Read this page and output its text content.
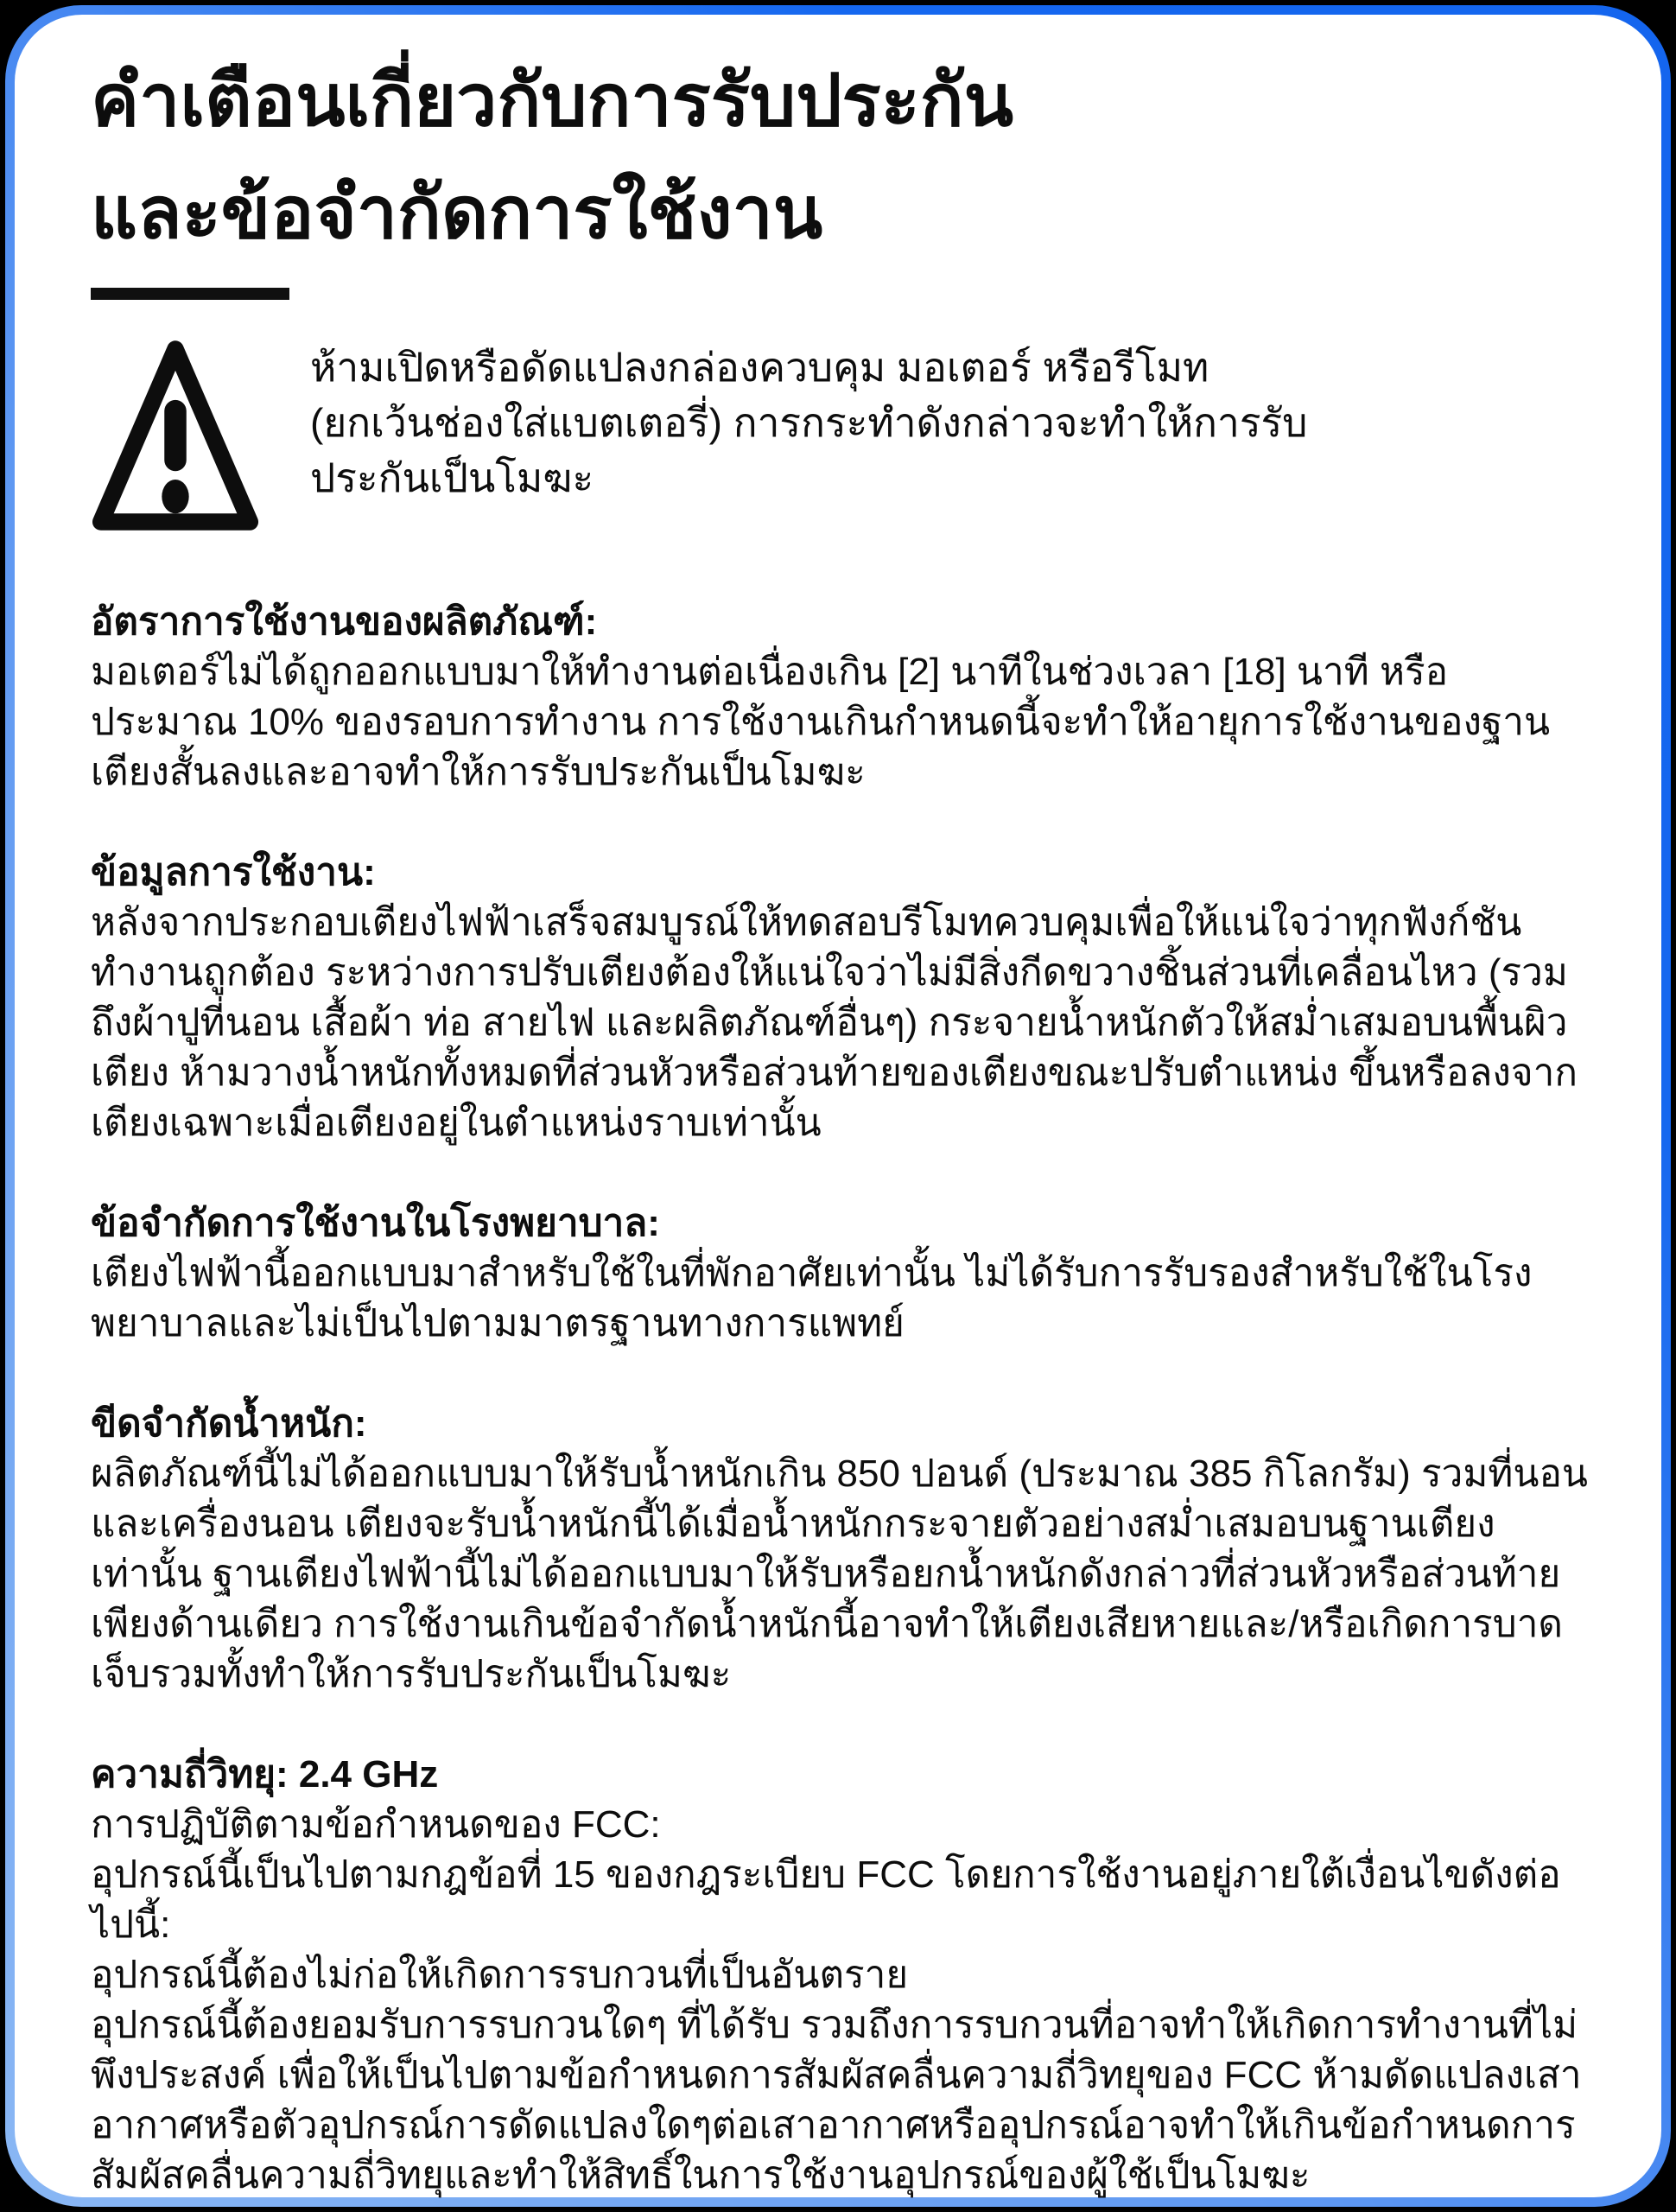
คำเตือนเกี่ยวกับการรับประกัน
และข้อจำกัดการใช้งาน
ห้ามเปิดหรือดัดแปลงกล่องควบคุม มอเตอร์ หรือรีโมท (ยกเว้นช่องใส่แบตเตอรี่) การกระทำดังกล่าวจะทำให้การรับประกันเป็นโมฆะ
อัตราการใช้งานของผลิตภัณฑ์:

มอเตอร์ไม่ได้ถูกออกแบบมาให้ทำงานต่อเนื่องเกิน [2] นาทีในช่วงเวลา [18] นาที หรือประมาณ 10% ของรอบการทำงาน การใช้งานเกินกำหนดนี้จะทำให้อายุการใช้งานของฐานเตียงสั้นลงและอาจทำให้การรับประกันเป็นโมฆะ

ข้อมูลการใช้งาน:

หลังจากประกอบเตียงไฟฟ้าเสร็จสมบูรณ์ให้ทดสอบรีโมทควบคุมเพื่อให้แน่ใจว่าทุกฟังก์ชันทำงานถูกต้อง ระหว่างการปรับเตียงต้องให้แน่ใจว่าไม่มีสิ่งกีดขวางชิ้นส่วนที่เคลื่อนไหว (รวมถึงผ้าปูที่นอน เสื้อผ้า ท่อ สายไฟ และผลิตภัณฑ์อื่นๆ) กระจายน้ำหนักตัวให้สม่ำเสมอบนพื้นผิวเตียง ห้ามวางน้ำหนักทั้งหมดที่ส่วนหัวหรือส่วนท้ายของเตียงขณะปรับตำแหน่ง ขึ้นหรือลงจากเตียงเฉพาะเมื่อเตียงอยู่ในตำแหน่งราบเท่านั้น

ข้อจำกัดการใช้งานในโรงพยาบาล:

เตียงไฟฟ้านี้ออกแบบมาสำหรับใช้ในที่พักอาศัยเท่านั้น ไม่ได้รับการรับรองสำหรับใช้ในโรงพยาบาลและไม่เป็นไปตามมาตรฐานทางการแพทย์

ขีดจำกัดน้ำหนัก:

ผลิตภัณฑ์นี้ไม่ได้ออกแบบมาให้รับน้ำหนักเกิน 850 ปอนด์ (ประมาณ 385 กิโลกรัม) รวมที่นอนและเครื่องนอน เตียงจะรับน้ำหนักนี้ได้เมื่อน้ำหนักกระจายตัวอย่างสม่ำเสมอบนฐานเตียงเท่านั้น ฐานเตียงไฟฟ้านี้ไม่ได้ออกแบบมาให้รับหรือยกน้ำหนักดังกล่าวที่ส่วนหัวหรือส่วนท้ายเพียงด้านเดียว การใช้งานเกินข้อจำกัดน้ำหนักนี้อาจทำให้เตียงเสียหายและ/หรือเกิดการบาดเจ็บรวมทั้งทำให้การรับประกันเป็นโมฆะ

ความถี่วิทยุ: 2.4 GHz

การปฏิบัติตามข้อกำหนดของ FCC:

อุปกรณ์นี้เป็นไปตามกฎข้อที่ 15 ของกฎระเบียบ FCC โดยการใช้งานอยู่ภายใต้เงื่อนไขดังต่อไปนี้:

อุปกรณ์นี้ต้องไม่ก่อให้เกิดการรบกวนที่เป็นอันตราย

อุปกรณ์นี้ต้องยอมรับการรบกวนใดๆ ที่ได้รับ รวมถึงการรบกวนที่อาจทำให้เกิดการทำงานที่ไม่พึงประสงค์ เพื่อให้เป็นไปตามข้อกำหนดการสัมผัสคลื่นความถี่วิทยุของ FCC ห้ามดัดแปลงเสาอากาศหรือตัวอุปกรณ์การดัดแปลงใดๆต่อเสาอากาศหรืออุปกรณ์อาจทำให้เกินข้อกำหนดการสัมผัสคลื่นความถี่วิทยุและทำให้สิทธิ์ในการใช้งานอุปกรณ์ของผู้ใช้เป็นโมฆะ
